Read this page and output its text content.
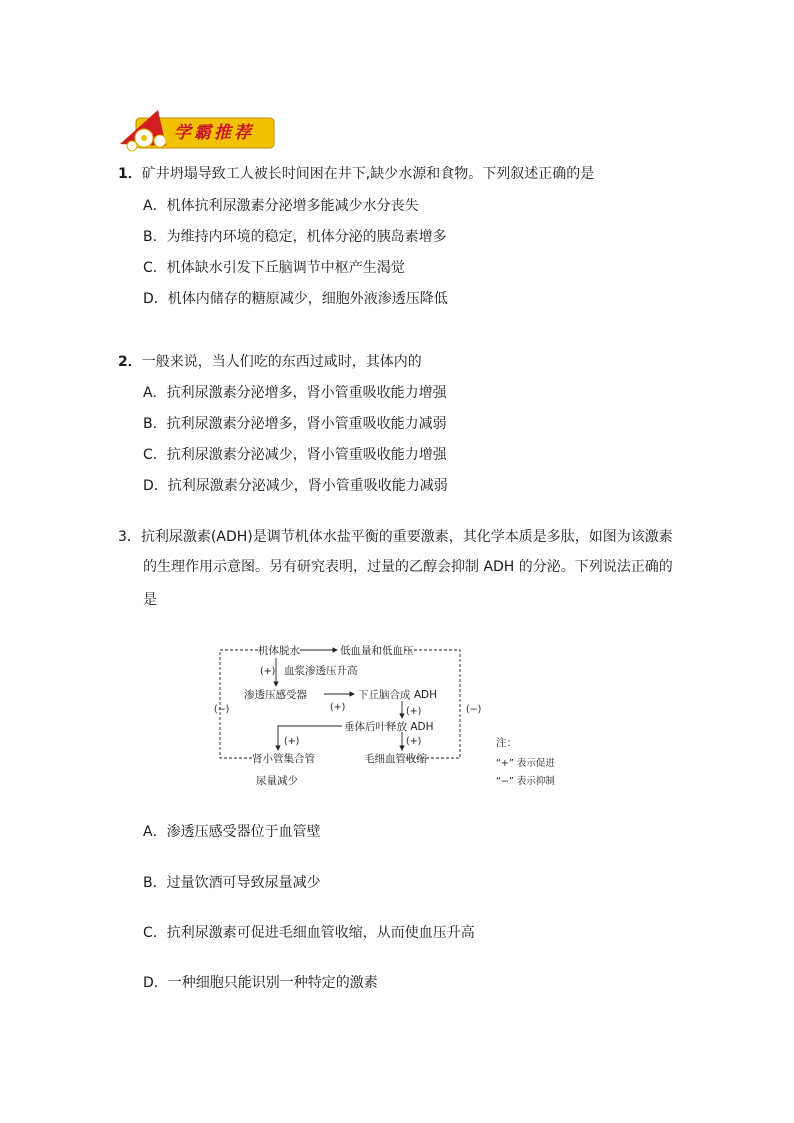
学霸推荐
1．矿井坍塌导致工人被长时间困在井下,缺少水源和食物。下列叙述正确的是
A．机体抗利尿激素分泌增多能减少水分丧失
B．为维持内环境的稳定，机体分泌的胰岛素增多
C．机体缺水引发下丘脑调节中枢产生渴觉
D．机体内储存的糖原减少，细胞外液渗透压降低
2．一般来说，当人们吃的东西过咸时，其体内的
A．抗利尿激素分泌增多，肾小管重吸收能力增强
B．抗利尿激素分泌增多，肾小管重吸收能力减弱
C．抗利尿激素分泌减少，肾小管重吸收能力增强
D．抗利尿激素分泌减少，肾小管重吸收能力减弱
3．抗利尿激素(ADH)是调节机体水盐平衡的重要激素，其化学本质是多肽，如图为该激素
的生理作用示意图。另有研究表明，过量的乙醇会抑制 ADH 的分泌。下列说法正确的
是
机体脱水	低血量和低血压
(+) 血浆渗透压升高
渗透压感受器
(+)
下丘脑合成 ADH
(−)	(−)
(+)
垂体后叶释放 ADH
(+)	(+)
肾小管集合管	毛细血管收缩
尿量减少
注：
“+” 表示促进
“−” 表示抑制
A．渗透压感受器位于血管壁
B．过量饮酒可导致尿量减少
C．抗利尿激素可促进毛细血管收缩，从而使血压升高
D．一种细胞只能识别一种特定的激素
